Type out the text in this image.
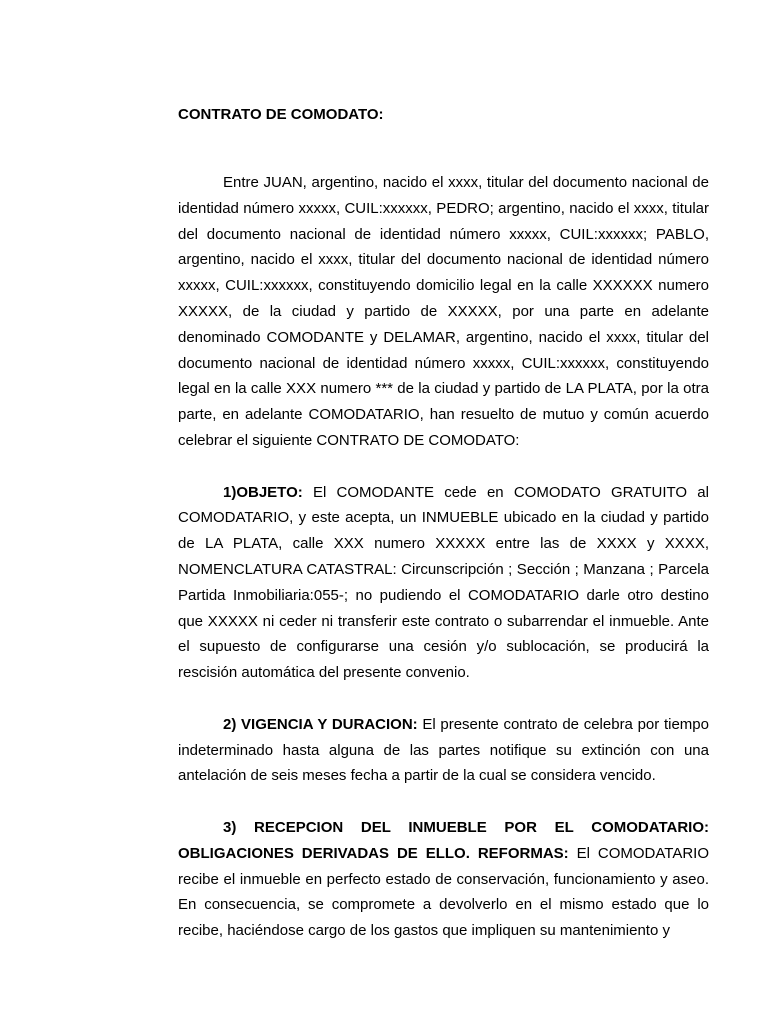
CONTRATO DE COMODATO:

Entre JUAN, argentino, nacido el xxxx, titular del documento nacional de identidad número xxxxx, CUIL:xxxxxx, PEDRO; argentino, nacido el xxxx, titular del documento nacional de identidad número xxxxx, CUIL:xxxxxx; PABLO, argentino, nacido el xxxx, titular del documento nacional de identidad número xxxxx, CUIL:xxxxxx, constituyendo domicilio legal en la calle XXXXXX numero XXXXX, de la ciudad y partido de XXXXX, por una parte en adelante denominado COMODANTE y DELAMAR, argentino, nacido el xxxx, titular del documento nacional de identidad número xxxxx, CUIL:xxxxxx, constituyendo legal en la calle XXX numero *** de la ciudad y partido de LA PLATA, por la otra parte, en adelante COMODATARIO, han resuelto de mutuo y común acuerdo celebrar el siguiente CONTRATO DE COMODATO:

1)OBJETO: El COMODANTE cede en COMODATO GRATUITO al COMODATARIO, y este acepta, un INMUEBLE ubicado en la ciudad y partido de LA PLATA, calle XXX numero XXXXX entre las de XXXX y XXXX, NOMENCLATURA CATASTRAL: Circunscripción ; Sección ; Manzana ; Parcela Partida Inmobiliaria:055-; no pudiendo el COMODATARIO darle otro destino que XXXXX ni ceder ni transferir este contrato o subarrendar el inmueble. Ante el supuesto de configurarse una cesión y/o sublocación, se producirá la rescisión automática del presente convenio.

2) VIGENCIA Y DURACION: El presente contrato de celebra por tiempo indeterminado hasta alguna de las partes notifique su extinción con una antelación de seis meses fecha a partir de la cual se considera vencido.

3) RECEPCION DEL INMUEBLE POR EL COMODATARIO: OBLIGACIONES DERIVADAS DE ELLO. REFORMAS: El COMODATARIO recibe el inmueble en perfecto estado de conservación, funcionamiento y aseo. En consecuencia, se compromete a devolverlo en el mismo estado que lo recibe, haciéndose cargo de los gastos que impliquen su mantenimiento y
